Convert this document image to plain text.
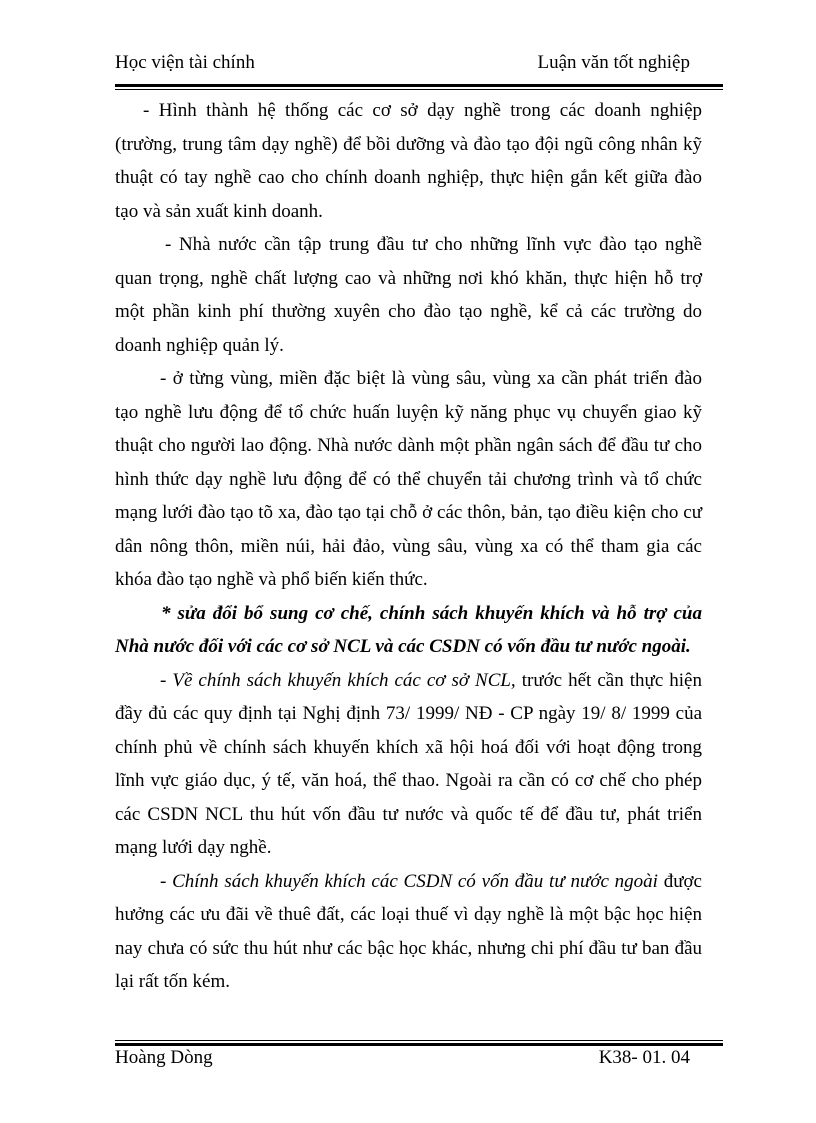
Học viện tài chính	Luận văn tốt nghiệp

- Hình thành hệ thống các cơ sở dạy nghề trong các doanh nghiệp (trường, trung tâm dạy nghề) để bồi dưỡng và đào tạo đội ngũ công nhân kỹ thuật có tay nghề cao cho chính doanh nghiệp, thực hiện gắn kết giữa đào tạo và sản xuất kinh doanh.

- Nhà nước cần tập trung đầu tư cho những lĩnh vực đào tạo nghề quan trọng, nghề chất lượng cao và những nơi khó khăn, thực hiện hỗ trợ một phần kinh phí thường xuyên cho đào tạo nghề, kể cả các trường do doanh nghiệp quản lý.

- ở từng vùng, miền đặc biệt là vùng sâu, vùng xa cần phát triển đào tạo nghề lưu động để tổ chức huấn luyện kỹ năng phục vụ chuyển giao kỹ thuật cho người lao động. Nhà nước dành một phần ngân sách để đầu tư cho hình thức dạy nghề lưu động để có thể chuyển tải chương trình và tổ chức mạng lưới đào tạo tõ xa, đào tạo tại chỗ ở các thôn, bản, tạo điều kiện cho cư dân nông thôn, miền núi, hải đảo, vùng sâu, vùng xa có thể tham gia các khóa đào tạo nghề và phổ biến kiến thức.

* sửa đổi bổ sung cơ chế, chính sách khuyến khích và hỗ trợ của Nhà nước đối với các cơ sở NCL và các CSDN có vốn đầu tư nước ngoài.

- Về chính sách khuyến khích các cơ sở NCL, trước hết cần thực hiện đầy đủ các quy định tại Nghị định 73/ 1999/ NĐ - CP ngày 19/ 8/ 1999 của chính phủ về chính sách khuyến khích xã hội hoá đối với hoạt động trong lĩnh vực giáo dục, ý tế, văn hoá, thể thao. Ngoài ra cần có cơ chế cho phép các CSDN NCL thu hút vốn đầu tư nước và quốc tế để đầu tư, phát triển mạng lưới dạy nghề.

- Chính sách khuyến khích các CSDN có vốn đầu tư nước ngoài được hưởng các ưu đãi về thuê đất, các loại thuế vì dạy nghề là một bậc học hiện nay chưa có sức thu hút như các bậc học khác, nhưng chi phí đầu tư ban đầu lại rất tốn kém.

Hoàng Dòng	K38- 01. 04
